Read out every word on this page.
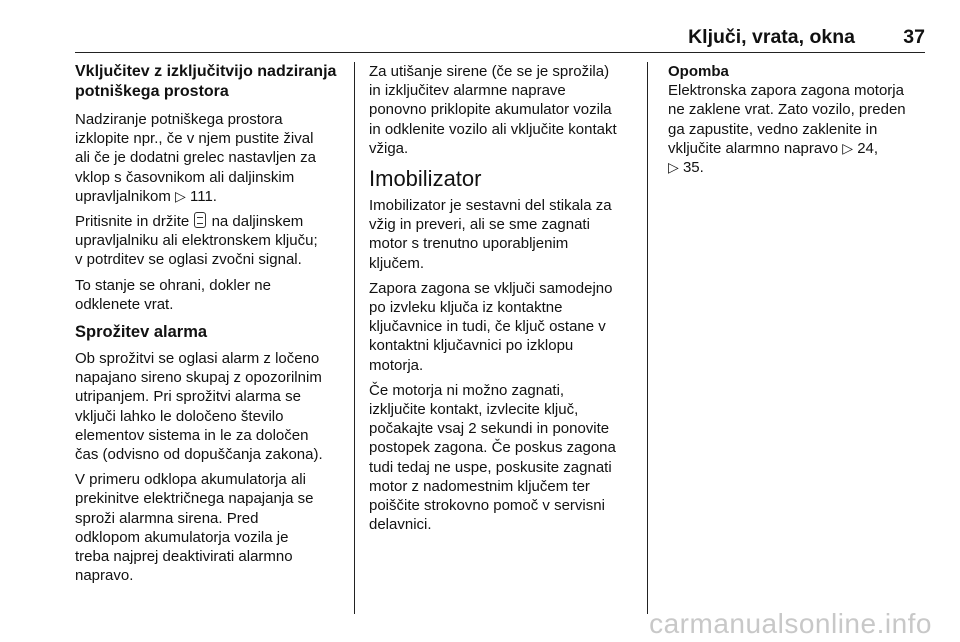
Ključi, vrata, okna 37
Vključitev z izključitvijo nadziranja potniškega prostora
Nadziranje potniškega prostora
izklopite npr., če v njem pustite žival
ali če je dodatni grelec nastavljen za
vklop s časovnikom ali daljinskim
upravljalnikom ▷ 111.
Pritisnite in držite na daljinskem
upravljalniku ali elektronskem ključu;
v potrditev se oglasi zvočni signal.
To stanje se ohrani, dokler ne
odklenete vrat.
Sprožitev alarma
Ob sprožitvi se oglasi alarm z ločeno
napajano sireno skupaj z opozorilnim
utripanjem. Pri sprožitvi alarma se
vključi lahko le določeno število
elementov sistema in le za določen
čas (odvisno od dopuščanja zakona).
V primeru odklopa akumulatorja ali
prekinitve električnega napajanja se
sproži alarmna sirena. Pred
odklopom akumulatorja vozila je
treba najprej deaktivirati alarmno
napravo.
Za utišanje sirene (če se je sprožila)
in izključitev alarmne naprave
ponovno priklopite akumulator vozila
in odklenite vozilo ali vključite kontakt
vžiga.
Imobilizator
Imobilizator je sestavni del stikala za
vžig in preveri, ali se sme zagnati
motor s trenutno uporabljenim
ključem.
Zapora zagona se vključi samodejno
po izvleku ključa iz kontaktne
ključavnice in tudi, če ključ ostane v
kontaktni ključavnici po izklopu
motorja.
Če motorja ni možno zagnati,
izključite kontakt, izvlecite ključ,
počakajte vsaj 2 sekundi in ponovite
postopek zagona. Če poskus zagona
tudi tedaj ne uspe, poskusite zagnati
motor z nadomestnim ključem ter
poiščite strokovno pomoč v servisni
delavnici.
Opomba
Elektronska zapora zagona motorja
ne zaklene vrat. Zato vozilo, preden
ga zapustite, vedno zaklenite in
vključite alarmno napravo ▷ 24,
▷ 35.
carmanualsonline.info
